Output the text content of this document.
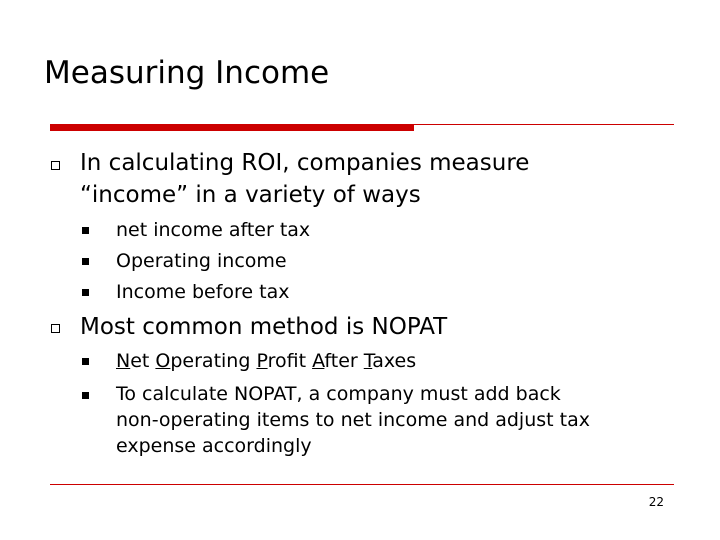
Measuring Income
In calculating ROI, companies measure
“income” in a variety of ways
net income after tax
Operating income
Income before tax
Most common method is NOPAT
Net Operating Profit After Taxes
To calculate NOPAT, a company must add back
non-operating items to net income and adjust tax
expense accordingly
22
